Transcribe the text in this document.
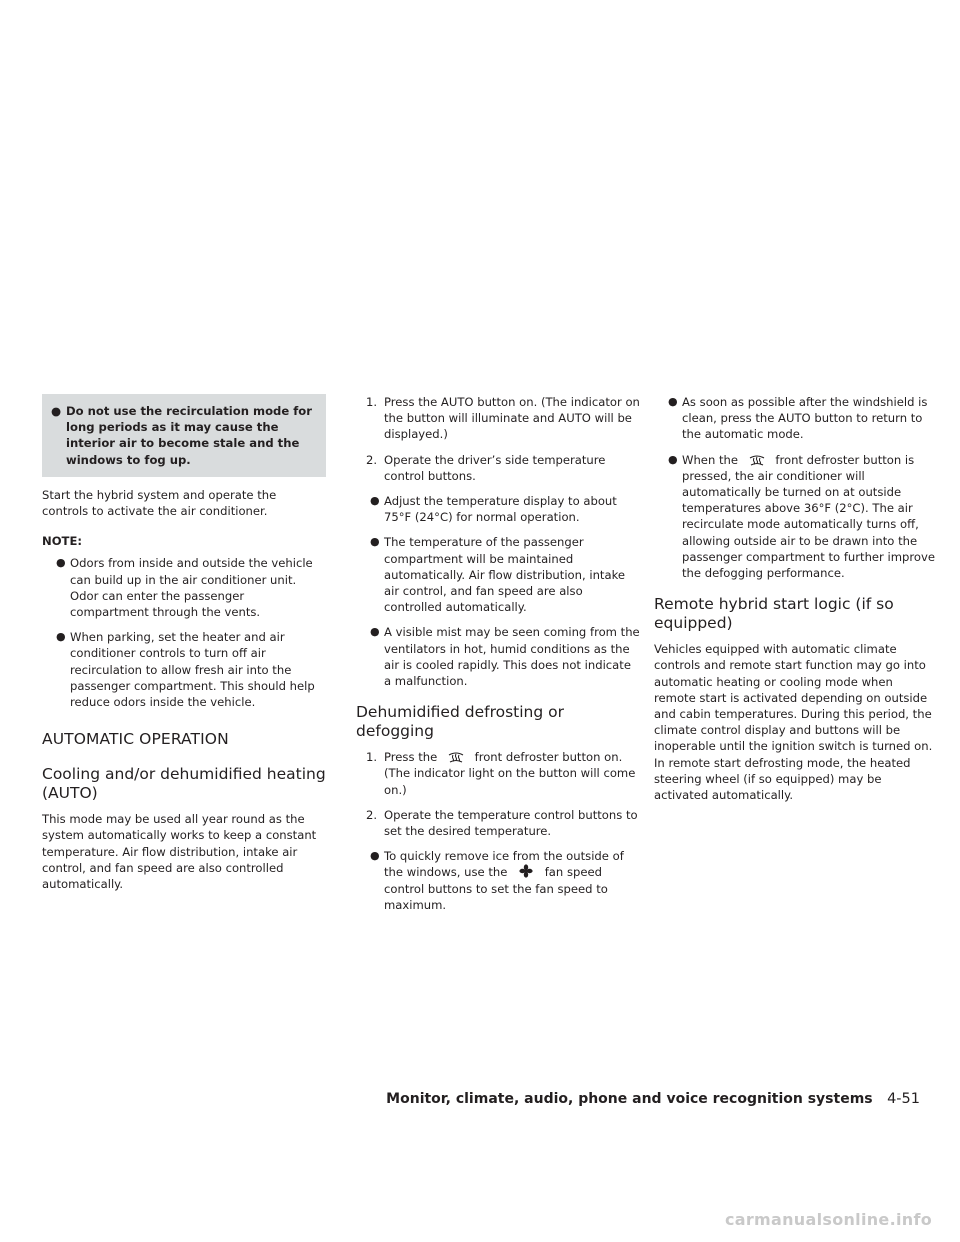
● Do not use the recirculation mode for long periods as it may cause the interior air to become stale and the windows to fog up.

Start the hybrid system and operate the controls to activate the air conditioner.

NOTE:

● Odors from inside and outside the vehicle can build up in the air conditioner unit. Odor can enter the passenger compartment through the vents.

● When parking, set the heater and air conditioner controls to turn off air recirculation to allow fresh air into the passenger compartment. This should help reduce odors inside the vehicle.

AUTOMATIC OPERATION
Cooling and/or dehumidified heating (AUTO)

This mode may be used all year round as the system automatically works to keep a constant temperature. Air flow distribution, intake air control, and fan speed are also controlled automatically.

1. Press the AUTO button on. (The indicator on the button will illuminate and AUTO will be displayed.)

2. Operate the driver’s side temperature control buttons.

● Adjust the temperature display to about 75°F (24°C) for normal operation.

● The temperature of the passenger compartment will be maintained automatically. Air flow distribution, intake air control, and fan speed are also controlled automatically.

● A visible mist may be seen coming from the ventilators in hot, humid conditions as the air is cooled rapidly. This does not indicate a malfunction.

Dehumidified defrosting or defogging
1. Press the	front defroster button on. (The indicator light on the button will come on.)

2. Operate the temperature control buttons to set the desired temperature.

● To quickly remove ice from the outside of the windows, use the	fan speed control buttons to set the fan speed to maximum.

● As soon as possible after the windshield is clean, press the AUTO button to return to the automatic mode.

● When the	front defroster button is pressed, the air conditioner will automatically be turned on at outside temperatures above 36°F (2°C). The air recirculate mode automatically turns off, allowing outside air to be drawn into the passenger compartment to further improve the defogging performance.

Remote hybrid start logic (if so equipped)

Vehicles equipped with automatic climate controls and remote start function may go into automatic heating or cooling mode when remote start is activated depending on outside and cabin temperatures. During this period, the climate control display and buttons will be inoperable until the ignition switch is turned on. In remote start defrosting mode, the heated steering wheel (if so equipped) may be activated automatically.

Monitor, climate, audio, phone and voice recognition systems 4-51
carmanualsonline.info
